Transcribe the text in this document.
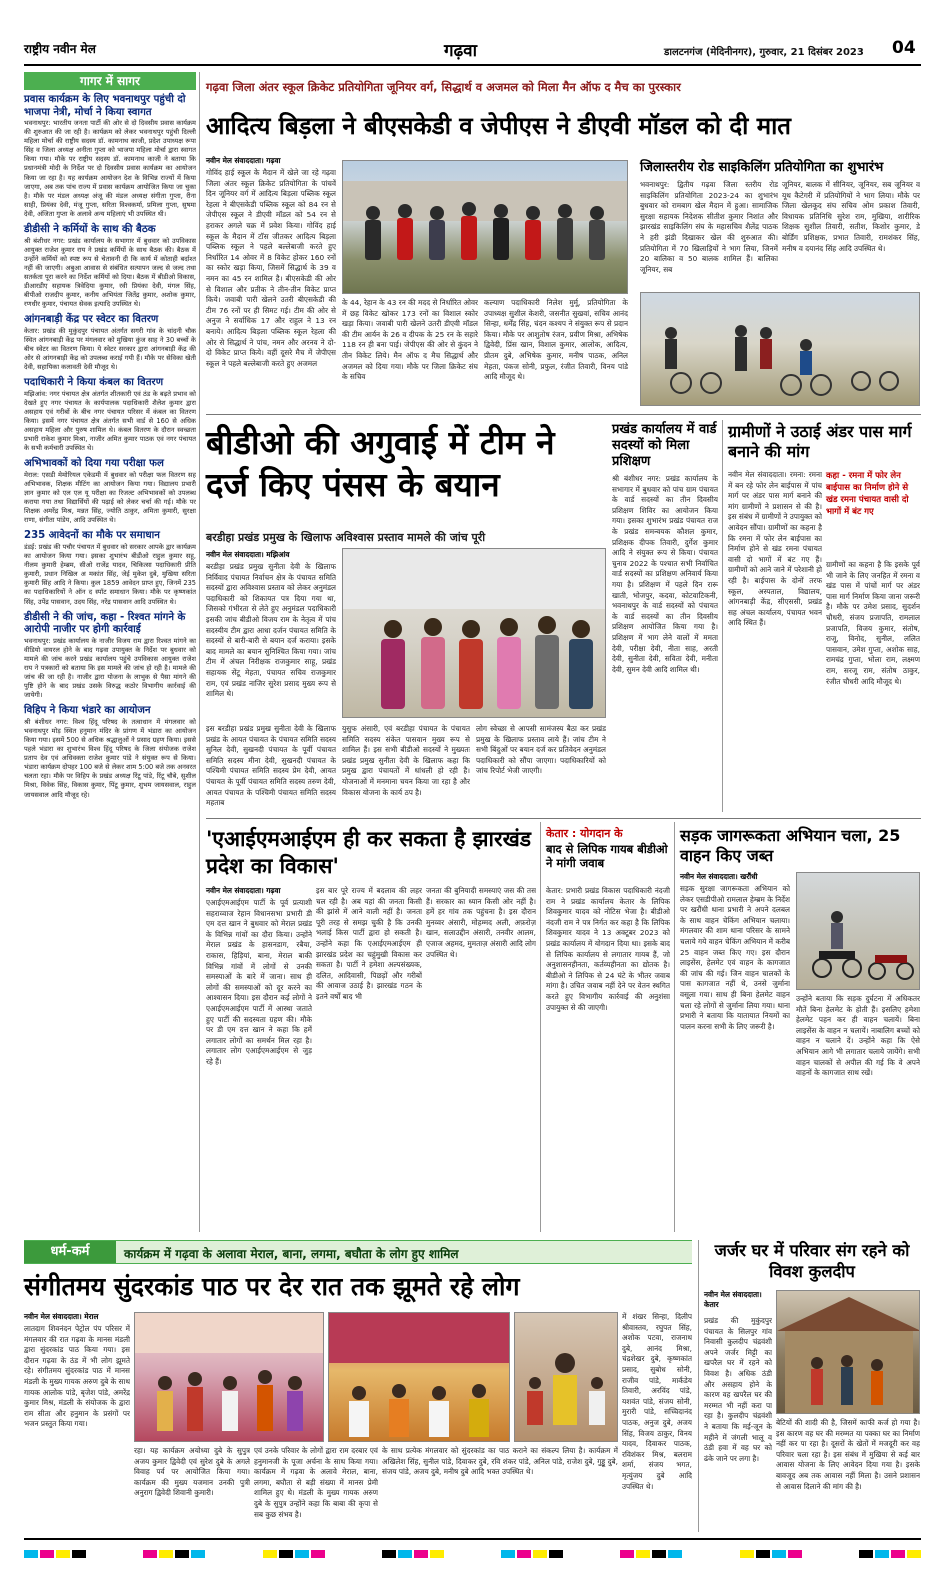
राष्ट्रीय नवीन मेल	गढ़वा	डालटनगंज (मेदिनीनगर), गुरुवार, 21 दिसंबर 2023 04
गागर में सागर
प्रवास कार्यक्रम के लिए भवनाथपुर पहुंची दो भाजपा नेत्री, मोर्चा ने किया स्वागत
भवनाथपुर: भारतीय जनता पार्टी की ओर से दो दिवसीय प्रवास कार्यक्रम की शुरुआत की जा रही है। कार्यक्रम को लेकर भवनाथपुर पहुंची दिल्ली महिला मोर्चा की राष्ट्रीय सदस्य डॉ. कामनाथ काजी, प्रदेश उपाध्यक्ष रूपा सिंह व जिला अध्यक्ष अनीता गुप्ता को भाजपा महिला मोर्चा द्वारा स्वागत किया गया। मौके पर राष्ट्रीय सदस्य डॉ. कामनाथ काजी ने बताया कि प्रधानमंत्री मोदी के निर्देश पर दो दिवसीय प्रवास कार्यक्रम का आयोजन किया जा रहा है। यह कार्यक्रम आयोजन देश के विभिन्न राज्यों में किया जाएगा, अब तक पांच राज्य में प्रवास कार्यक्रम आयोजित किया जा चुका है। मौके पर मंडल अध्यक्ष अंजू की मंडल अध्यक्ष संगीता गुप्ता, रीना साही, प्रियंका देवी, मंजू गुप्ता, सरिता विश्वकर्मा, प्रमिला गुप्ता, सुषमा देवी, अंजिता गुप्ता के अलावे अन्य महिलाएं भी उपस्थित थी।
डीडीसी ने कर्मियों के साथ की बैठक
श्री बंशीधर नगर: प्रखंड कार्यालय के सभागार में बुधवार को उपविकास आयुक्त राजेश कुमार राय ने प्रखंड कर्मियों के साथ बैठक की। बैठक में उन्होंने कर्मियों को स्पष्ट रूप से चेतावनी दी कि कार्य में कोताही बर्दाश्त नहीं की जाएगी। अबुआ आवास से संबंधित सत्यापन जल्द से जल्द तथा सतर्कता पूरा करने का निर्देश कर्मियों को दिया। बैठक में बीडीओ विकास, डीआरडीए सहायक त्रिवेदिया कुमार, रवी प्रियंका देवी, मंगल सिंह, बीपीओ राजदीप कुमार, कनीय अभियंता जितेंद्र कुमार, अशोक कुमार, रणधीर कुमार, पंचायत सेवक इत्यादि उपस्थित थे।
आंगनबाड़ी केंद्र पर स्वेटर का वितरण
केतार: प्रखंड की मुकुंदपुर पंचायत अंतर्गत सगरी गांव के चांदनी चौक स्थित आंगनबाड़ी केंद्र पर मंगलवार को मुखिया कुंज साह ने 30 बच्चों के बीच स्वेटर का वितरण किया। ये स्वेटर सरकार द्वारा आंगनबाड़ी केंद्र की ओर से आंगनबाड़ी केंद्र को उपलब्ध कराई गयी हैं। मौके पर सेविका खेती देवी, सहायिका कलावती देवी मौजूद थे।
पदाधिकारी ने किया कंबल का वितरण
मझिआंव: नगर पंचायत क्षेत्र अंतर्गत शीतकारी एवं ठंड के बढ़ते प्रभाव को देखते हुए नगर पंचायत के कार्यपालक पदाधिकारी शैलेश कुमार द्वारा असहाय एवं गरीबों के बीच नगर पंचायत परिसर में कंबल का वितरण किया। इसमें नगर पंचायत क्षेत्र अंतर्गत सभी वार्ड से 160 से अधिक असहाय महिला और पुरुष शामिल थे। कंबल वितरण के दौरान स्वच्छता प्रभारी राकेश कुमार मिश्रा, नाजीर अमित कुमार पाठक एवं नगर पंचायत के सभी कर्मचारी उपस्थित थे।
अभिभावकों को दिया गया परीक्षा फल
मेराल: एसडी मेमोरियल एकेडमी में बुधवार को परीक्षा फल वितरण सह अभिभावक, शिक्षक मीटिंग का आयोजन किया गया। विद्यालय प्रभारी ज्ञान कुमार को एल एल यू परीक्षा का रिजल्ट अभिभावकों को उपलब्ध कराया गया तथा विद्यार्थियों की पढ़ाई को लेकर चर्चा की गई। मौके पर शिक्षक अमरेंद्र मिश्र, मन्नत सिंह, ज्योति ठाकुर, अमिता कुमारी, सुरक्षा राणा, संगीता पांडेय, आदि उपस्थित थे।
235 आवेदनों का मौके पर समाधान
डंडई: प्रखंड की पचौर पंचायत में बुधवार को सरकार आपके द्वार कार्यक्रम का आयोजन किया गया। इसका शुभारंभ बीडीओ राहुल कुमार सहू, नीलम कुमारी हेम्ब्रम, सीओ राजेंद्र यादव, चिकित्सा पदाधिकारी प्रीति कुमारी, प्रधान निखिल अ मकांत सिंह, जेई मुकेश दुबे, मुखिया सरिता कुमारी सिंह आदि ने किया। कुल 1859 आवेदन प्राप्त हुए, जिनमें 235 का पदाधिकारियों ने ऑन द स्पॉट समाधान किया। मौके पर कृष्णकांत सिंह, उपेंद्र पासवान, उदय सिंह, नरेंद्र पासवान आदि उपस्थित थे।
डीडीसी ने की जांच, कहा - रिश्वत मांगने के आरोपी नाजीर पर होगी कार्रवाई
भवनाथपुर: प्रखंड कार्यालय के नाजीर विजय राम द्वारा रिश्वत मांगने का वीडियो वायरल होने के बाद गढ़वा उपायुक्त के निर्देश पर बुधवार को मामले की जांच करने प्रखंड कार्यालय पहुंचे उपविकास आयुक्त राजेश राय ने पत्रकारों को बताया कि इस मामले की जांच हो रही है। मामले की जांच की जा रही है। नाजीर द्वारा योजना के लाभुक से पैसा मांगने की पुष्टि होने के बाद प्रखंड उसके विरुद्ध कठोर विभागीय कार्रवाई की जायेगी।
विहिप ने किया भंडारे का आयोजन
श्री बंशीधर नगर: विश्व हिंदू परिषद के तत्वाधान में मंगलवार को भवनाथपुर मोड़ स्थित हनुमान मंदिर के प्रांगण में भंडारा का आयोजन किया गया। इसमें 500 से अधिक श्रद्धालुओं ने प्रसाद ग्रहण किया। इससे पहले भंडारा का शुभारंभ विश्व हिंदू परिषद के जिला संयोजक राजेश प्रताप देव एवं अधिवक्ता राजेश कुमार पांडे ने संयुक्त रूप से किया। भंडारा कार्यक्रम दोपहर 100 बजे से लेकर शाम 5:00 बजे तक अनवरत चलता रहा। मौके पर विहिप के प्रखंड अध्यक्ष रिंटू पांडे, रिंटू चौबे, सुशील मिश्रा, विवेक सिंह, विकास कुमार, पिंटू कुमार, शुभम जायसवाल, राहुल जायसवाल आदि मौजूद रहे।
गढ़वा जिला अंतर स्कूल क्रिकेट प्रतियोगिता जूनियर वर्ग, सिद्धार्थ व अजमल को मिला मैन ऑफ द मैच का पुरस्कार
आदित्य बिड़ला ने बीएसकेडी व जेपीएस ने डीएवी मॉडल को दी मात
नवीन मेल संवाददाता। गढ़वा
गोविंद हाई स्कूल के मैदान में खेले जा रहे गढ़वा जिला अंतर स्कूल क्रिकेट प्रतियोगिता के पांचवें दिन जूनियर वर्ग में आदित्य बिड़ला पब्लिक स्कूल रेहला ने बीएसकेडी पब्लिक स्कूल को 84 रन से जेपीएस स्कूल ने डीएवी मॉडल को 54 रन से हराकर अगले चक्र में प्रवेश किया। गोविंद हाई स्कूल के मैदान में टॉस जीतकर आदित्य बिड़ला पब्लिक स्कूल ने पहले बल्लेबाजी करते हुए निर्धारित 14 ओवर में 8 विकेट होकर 160 रनों का स्कोर खड़ा किया, जिसमें सिद्धार्थ के 39 व नमन का 45 रन शामिल है। बीएसकेडी की ओर से विशाल और प्रतीक ने तीन-तीन विकेट प्राप्त किये। जवाबी पारी खेलने उतरी बीएसकेडी की टीम 76 रनों पर ही सिमट गई। टीम की ओर से अनुज ने सर्वाधिक 17 और राहुल ने 13 रन बनाये। आदित्य बिड़ला पब्लिक स्कूल रेहला की ओर से सिद्धार्थ ने पांच, नमन और अरनव ने दो-दो विकेट प्राप्त किये। वहीं दूसरे मैच में जेपीएस स्कूल ने पहले बल्लेबाजी करते हुए अजमल
के 44, रेहान के 43 रन की मदद से निर्धारित ओवर में छह विकेट खोकर 173 रनों का विशाल स्कोर खड़ा किया। जवाबी पारी खेलने उतरी डीएवी मॉडल की टीम आर्यन के 26 व दीपक के 25 रन के सहारे 118 रन ही बना पाई। जेपीएस की ओर से कुंदन ने तीन विकेट लिये। मैन ऑफ द मैच सिद्धार्थ और अजमल को दिया गया। मौके पर जिला क्रिकेट संघ के सचिव
कल्याण पदाधिकारी निलेश मुर्मू, प्रतियोगिता के उपाध्यक्ष सुशील केशरी, जसनीत सुखवां, सचिव आनंद सिन्हा, धर्मेंद्र सिंह, चंदन कश्यप ने संयुक्त रूप से प्रदान किया। मौके पर आशुतोष रंजन, प्रवीण मिश्रा, अभिषेक द्विवेदी, प्रिंस खान, विशाल कुमार, आलोक, आदित्य, प्रीतम दुबे, अभिषेक कुमार, मनीष पाठक, अनिल मेहता, पंकज सोनी, प्रफुल, रंजीत तिवारी, विनय पांडे आदि मौजूद थे।
जिलास्तरीय रोड साइकिलिंग प्रतियोगिता का शुभारंभ
भवनाथपुर: द्वितीय गढ़वा जिला स्तरीय रोड साइकिलिंग प्रतियोगिता 2023-24 का शुभारंभ बुधवार को रामबाग खेल मैदान में हुआ। सामाजिक सुरक्षा सहायक निदेशक सीतीश कुमार निशांत और झारखंड साइकिलिंग संघ के महासचिव शैलेंद्र पाठक ने हरी झंडी दिखाकर खेल की शुरुआत की। प्रतियोगिता में 70 खिलाड़ियों ने भाग लिया, जिनमें 20 बालिका व 50 बालक शामिल हैं। बालिका जूनियर, सब
जूनियर, बालक में सीनियर, जूनियर, सब जूनियर व यूथ कैटेगरी में प्रतियोगियों ने भाग लिया। मौके पर जिला खेलकूद संघ सचिव ओम प्रकाश तिवारी, विधायक प्रतिनिधि सुरेश राम, मुखिया, शारीरिक शिक्षक सुशील तिवारी, सतीश, किशोर कुमार, डे बोर्डिंग प्रशिक्षक, प्रभात तिवारी, रामशंकर सिंह, मनीष व दयानंद सिंह आदि उपस्थित थे।
बीडीओ की अगुवाई में टीम ने दर्ज किए पंसस के बयान
बरडीहा प्रखंड प्रमुख के खिलाफ अविश्वास प्रस्ताव मामले की जांच पूरी
नवीन मेल संवाददाता। मझिआंव
बरडीहा प्रखंड प्रमुख सुनीता देवी के खिलाफ निर्विवाद पंचायत निर्वाचन क्षेत्र के पंचायत समिति सदस्यों द्वारा अविश्वास प्रस्ताव को लेकर अनुमंडल पदाधिकारी को शिकायत पत्र दिया गया था, जिसको गंभीरता से लेते हुए अनुमंडल पदाधिकारी इसकी जांच बीडीओ विजय राम के नेतृत्व में पांच सदस्यीय टीम द्वारा आधा दर्जन पंचायत समिति के सदस्यों से बारी-बारी से बयान दर्ज कराया। इसके बाद मामले का बयान सुनिश्चित किया गया। जांच टीम में अंचल निरीक्षक राजकुमार साहू, प्रखंड सहायक सेंटू मेहता, पंचायत सचिव राजकुमार राम, एवं प्रखंड नाजिर सुरेश प्रसाद मुख्य रूप से शामिल थे।
इस बरडीहा प्रखंड प्रमुख सुनीता देवी के खिलाफ प्रखंड के आयत पंचायत के पंचायत समिति सदस्य सुनिल देवी, सुखनदी पंचायत के पूर्वी पंचायत समिति सदस्य मीना देवी, सुखनदी पंचायत के पश्चिमी पंचायत समिति सदस्य प्रेम देवी, आयत पंचायत के पूर्वी पंचायत समिति सदस्य तरुण देवी, आयत पंचायत के पश्चिमी पंचायत समिति सदस्य महताब
युसुफ अंसारी, एवं बरडीहा पंचायत के पंचायत समिति सदस्य संकेत पासवान मुख्य रूप से शामिल हैं। इस सभी बीडीओ सदस्यों ने मुख्यतः प्रखंड प्रमुख सुनीता देवी के खिलाफ कहा कि प्रमुख द्वारा पंचायतों में धांधली हो रही है। योजनाओं में मनमाना चयन किया जा रहा है और विकास योजना के कार्य ठप है।
लोग स्वेच्छा से आपसी सामंजस्य बैठा कर प्रखंड प्रमुख के खिलाफ प्रस्ताव लाये हैं। जांच टीम ने सभी बिंदुओं पर बयान दर्ज कर प्रतिवेदन अनुमंडल पदाधिकारी को सौंपा जाएगा। पदाधिकारियों को जांच रिपोर्ट भेजी जाएगी।
प्रखंड कार्यालय में वार्ड सदस्यों को मिला प्रशिक्षण
श्री बंशीधर नगर: प्रखंड कार्यालय के सभागार में बुधवार को पांच ग्राम पंचायत के वार्ड सदस्यों का तीन दिवसीय प्रशिक्षण शिविर का आयोजन किया गया। इसका शुभारंभ प्रखंड पंचायत राज के प्रखंड समन्वयक कौशल कुमार, प्रशिक्षक दीपक तिवारी, दुर्गेश कुमार आदि ने संयुक्त रूप से किया। पंचायत चुनाव 2022 के पश्चात सभी निर्वाचित वार्ड सदस्यों का प्रशिक्षण अनिवार्य किया गया है। प्रशिक्षण में पहले दिन रारू खाती, भोजपुर, कदवा, कोटवाटिकनी, भवनाथपुर के वार्ड सदस्यों को पंचायत के वार्ड सदस्यों का तीन दिवसीय प्रशिक्षण आयोजित किया गया है। प्रशिक्षण में भाग लेने वालों में ममता देवी, परीक्षा देवी, नीता साह, अरती देवी, सुनीता देवी, सविता देवी, मनीता देवी, सुमन देवी आदि शामिल थी।
ग्रामीणों ने उठाई अंडर पास मार्ग बनाने की मांग
नवीन मेल संवाददाता। रमना: रमना में बन रहे फोर लेन बाईपास में पांच मार्ग पर अंडर पास मार्ग बनाने की मांग ग्रामीणों ने प्रशासन से की है। इस संबंध में ग्रामीणों ने उपायुक्त को आवेदन सौंपा। ग्रामीणों का कहना है कि रमना में फोर लेन बाईपास का निर्माण होने से खंड रमना पंचायत वासी दो भागों में बंट गए हैं। ग्रामीणों को आने जाने में परेशानी हो रही है। बाईपास के दोनों तरफ स्कूल, अस्पताल, विद्यालय, आंगनबाड़ी केंद्र, सीएससी, प्रखंड सह अंचल कार्यालय, पंचायत भवन आदि स्थित हैं।
कहा - रमना में फोर लेन बाईपास का निर्माण होने से खंड रमना पंचायत वासी दो भागों में बंट गए
ग्रामीणों का कहना है कि इसके पूर्व भी जाने के लिए जनहित में रमना व खंड पास में पांचों मार्ग पर अंडर पास मार्ग निर्माण किया जाना जरूरी है। मौके पर उमेश प्रसाद, सुदर्शन चौधरी, संजय प्रजापति, रामलाल प्रजापति, विजय कुमार, संतोष, राजू, विनोद, सुनील, ललित पासवान, उमेश गुप्ता, अशोक साह, रामचंद्र गुप्ता, भोला राम, लक्ष्मण राम, सरजू राम, संतोष ठाकुर, रंजीत चौधरी आदि मौजूद थे।
'एआईएमआईएम ही कर सकता है झारखंड प्रदेश का विकास'
नवीन मेल संवाददाता। गढ़वा
एआईएमआईएम पार्टी के पूर्व प्रत्याशी सहराव्वाज रेहान विधानसभा प्रभारी डी एम दत्त खान ने बुधवार को मेराल प्रखंड के विभिन्न गांवों का दौरा किया। उन्होंने मेराल प्रखंड के हासनडाग, रबैया, राकास, हिड़ियां, बाना, मेराल बाकी विभिन्न गांवों में लोगों से उनकी समस्याओं के बारे में जाना। साथ ही लोगों की समस्याओं को दूर करने का आश्वासन दिया। इस दौरान कई लोगों ने एआईएमआईएम पार्टी में आस्था जताते हुए पार्टी की सदस्यता ग्रहण की। मौके पर डी एम दत्त खान ने कहा कि हमें लगातार लोगों का समर्थन मिल रहा है। लगातार लोग एआईएमआईएम से जुड़ रहे हैं।
इस बार पूरे राज्य में बदलाव की लहर चल रही है। अब यहां की जनता किसी की झांसे में आने वाली नहीं है। जनता पूरी तरह से समझ चुकी है कि उनकी भलाई किस पार्टी द्वारा हो सकती है। उन्होंने कहा कि एआईएमआईएम ही झारखंड प्रदेश का चहुंमुखी विकास कर सकता है। पार्टी ने हमेशा अल्पसंख्यक, दलित, आदिवासी, पिछड़ों और गरीबों की आवाज उठाई है। झारखंड गठन के इतने वर्षों बाद भी
जनता की बुनियादी समस्याएं जस की तस हैं। सरकार का ध्यान किसी ओर नहीं है। हमें हर गांव तक पहुंचना है। इस दौरान मुनव्वर अंसारी, मोहम्मद अली, अफ़रोज़ खान, सलाउद्दीन अंसारी, तनवीर आलम, एजाज अहमद, मुमताज़ अंसारी आदि लोग उपस्थित थे।
केतार : योगदान के
बाद से लिपिक गायब बीडीओ ने मांगी जवाब
केतार: प्रभारी प्रखंड विकास पदाधिकारी नंदजी राम ने प्रखंड कार्यालय केतार के लिपिक शिवकुमार यादव को नोटिस भेजा है। बीडीओ नंदजी राम ने पत्र निर्गत कर कहा है कि लिपिक शिवकुमार यादव ने 13 अक्टूबर 2023 को प्रखंड कार्यालय में योगदान दिया था। इसके बाद से लिपिक कार्यालय से लगातार गायब हैं, जो अनुशासनहीनता, कर्तव्यहीनता का द्योतक है। बीडीओ ने लिपिक से 24 घंटे के भीतर जवाब मांगा है। उचित जवाब नहीं देने पर वेतन स्थगित करते हुए विभागीय कार्रवाई की अनुशंसा उपायुक्त से की जाएगी।
सड़क जागरूकता अभियान चला, 25 वाहन किए जब्त
नवीन मेल संवाददाता। खरौंधी
सड़क सुरक्षा जागरूकता अभियान को लेकर एसडीपीओ रामलाल हेम्ब्रम के निर्देश पर खरौंधी थाना प्रभारी ने अपने दलबल के साथ वाहन चेकिंग अभियान चलाया। मंगलवार की शाम थाना परिसर के सामने चलाये गये वाहन चेकिंग अभियान में करीब 25 वाहन जब्त किए गए। इस दौरान लाइसेंस, हेलमेट एवं वाहन के कागजात की जांच की गई। जिन वाहन चालकों के पास कागजात नहीं थे, उनसे जुर्माना वसूला गया। साथ ही बिना हेलमेट वाहन चला रहे लोगों से जुर्माना लिया गया। थाना प्रभारी ने बताया कि यातायात नियमों का पालन करना सभी के लिए जरूरी है।
उन्होंने बताया कि सड़क दुर्घटना में अधिकतर मौतें बिना हेलमेट के होती हैं। इसलिए हमेशा हेलमेट पहन कर ही वाहन चलायें। बिना लाइसेंस के वाहन न चलायें। नाबालिग बच्चों को वाहन न चलाने दें। उन्होंने कहा कि ऐसे अभियान आगे भी लगातार चलाये जायेंगे। सभी वाहन चालकों से अपील की गई कि वे अपने वाहनों के कागजात साथ रखें।
धर्म-कर्म	कार्यक्रम में गढ़वा के अलावा मेराल, बाना, लगमा, बघौता के लोग हुए शामिल
संगीतमय सुंदरकांड पाठ पर देर रात तक झूमते रहे लोग
नवीन मेल संवाददाता। मेराल
लातदाग शिवनंदन पेट्रोल पंप परिसर में मंगलवार की रात गढ़वा के मानस मंडली द्वारा सुंदरकांड पाठ किया गया। इस दौरान गढ़वा के ठंड में भी लोग झूमते रहे। संगीतमय सुंदरकांड पाठ में मानस मंडली के मुख्य गायक अरुण दुबे के साथ गायक आलोक पांडे, बृजेश पांडे, अमरेंद्र कुमार मिश्र, मंडली के संयोजक के द्वारा राम सीता और हनुमान के प्रसंगों पर भजन प्रस्तुत किया गया।
रहा। यह कार्यक्रम अयोध्या दुबे के सुपुत्र अजय कुमार द्विवेदी एवं सुरेश दुबे के अगले विवाह पर्व पर आयोजित किया गया। कार्यक्रम की मुख्य यजमान उनकी पुत्री अनुराग द्विवेदी शिवानी कुमारी।
एवं उनके परिवार के लोगों द्वारा राम दरबार एवं हनुमानजी के पूजा अर्चना के साथ किया गया। कार्यक्रम में गढ़वा के अलावे मेराल, बाना, लगमा, बघौता से बड़ी संख्या में मानस प्रेमी शामिल हुए थे। मंडली के मुख्य गायक अरुण दुबे के सुपुत्र उन्होंने कहा कि बाबा की कृपा से सब कुछ संभव है।
के साथ प्रत्येक मंगलवार को सुंदरकांड का पाठ कराने का संकल्प लिया है। कार्यक्रम में अखिलेश सिंह, सुनील पांडे, दिवाकर दुबे, रवि शंकर पांडे, अनिल पांडे, राजेश दुबे, गुड्डू दुबे, संजय पांडे, अजय दुबे, मनीष दुबे आदि भक्त उपस्थित थे।
में शंखर सिन्हा, दिलीप श्रीवास्तव, रघुपत सिंह, अशोक पटवा, राजनाथ दुबे, आनंद मिश्रा, चंद्रशेखर दुबे, कृष्णकांत प्रसाद, सुबोध सोनी, राजीव पांडे, मार्कंडेय तिवारी, अरविंद पांडे, यशवंत पांडे, संजय सोनी, मुरारी पांडे, सच्चिदानंद पाठक, अनुज दुबे, अजय सिंह, विजय ठाकुर, विनय यादव, दिवाकर पाठक, रविशंकर मिश्र, बलराम शर्मा, संजय भगत, मृत्युंजय दुबे आदि उपस्थित थे।
जर्जर घर में परिवार संग रहने को विवश कुलदीप
नवीन मेल संवाददाता। केतार
प्रखंड की मुकुंदपुर पंचायत के सिलपुर गांव निवासी कुलदीप चंद्रवंशी अपने जर्जर मिट्टी का खपरैल घर में रहने को विवश है। अधिक ठंडी और असहाय होने के कारण वह खपरैल घर की मरम्मत भी नहीं करा पा रहा है। कुलदीप चंद्रवंशी ने बताया कि मई-जून के महीने में जंगली भालू व ठंडी हवा में वह घर को ढंके जाने पर लगा है।
बेटियों की शादी की है, जिसमें काफी कर्ज हो गया है। इस कारण वह घर की मरम्मत या पक्का घर का निर्माण नहीं कर पा रहा है। दूसरों के खेतों में मजदूरी कर वह परिवार चला रहा है। इस संबंध में मुखिया से कई बार आवास योजना के लिए आवेदन दिया गया है। इसके बावजूद अब तक आवास नहीं मिला है। उसने प्रशासन से आवास दिलाने की मांग की है।
